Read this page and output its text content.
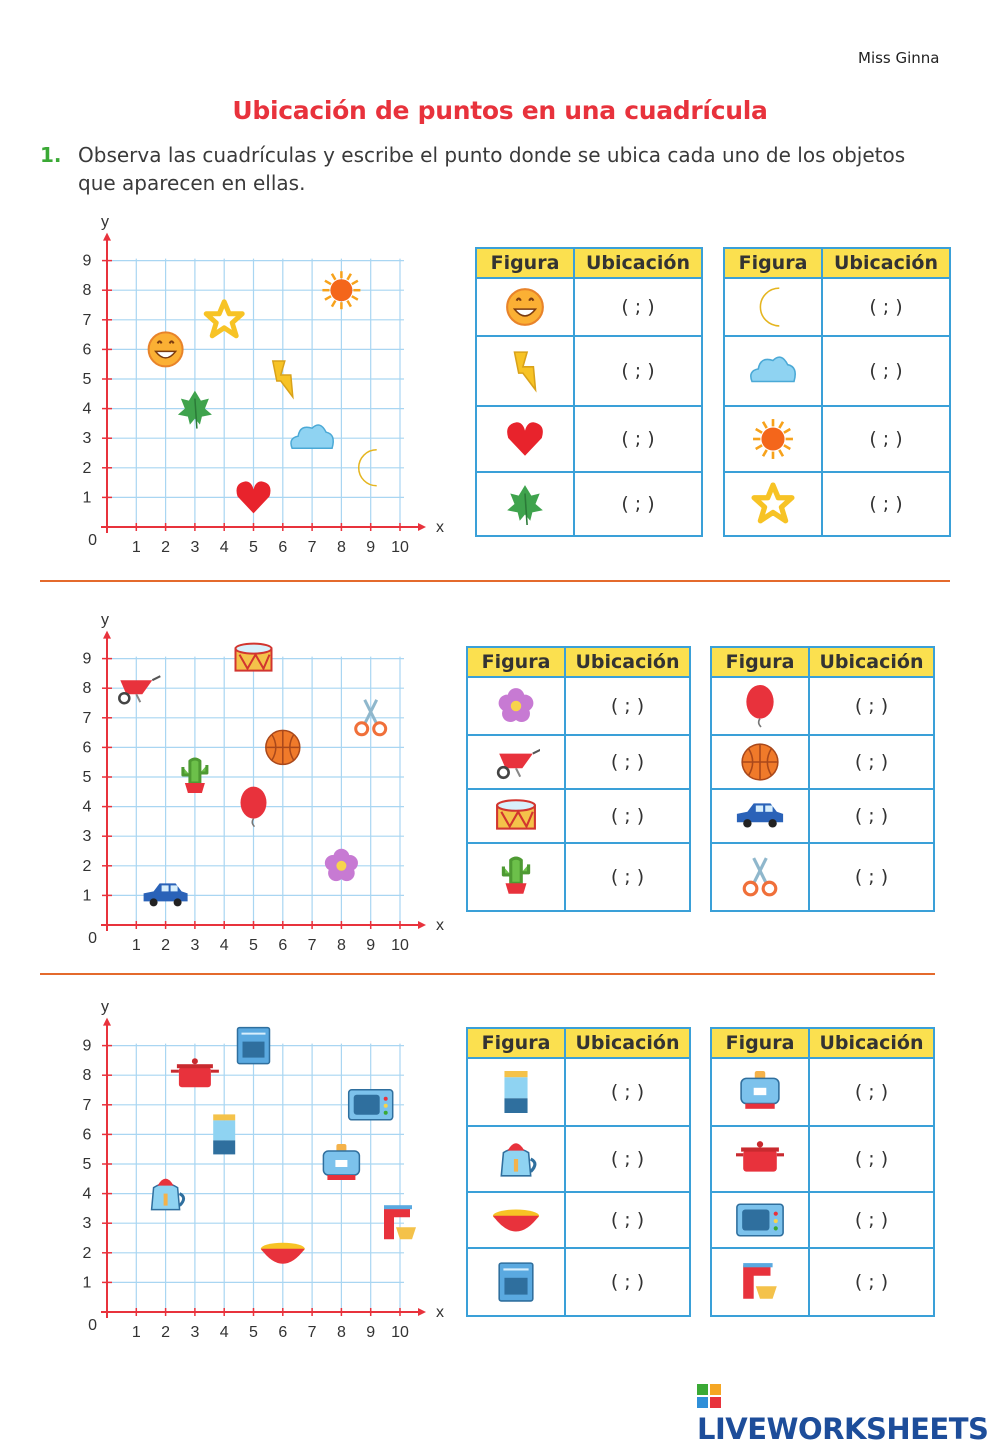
Miss Ginna
Ubicación de puntos en una cuadrícula
1. Observa las cuadrículas y escribe el punto donde se ubica cada uno de los objetos
que aparecen en ellas.
1 2 3 4 5 6 7 8 9 10
1
2
3
4
5
6
7
8
9
0
x
y
1 2 3 4 5 6 7 8 9 10
1
2
3
4
5
6
7
8
9
0
x
y
1 2 3 4 5 6 7 8 9 10
1
2
3
4
5
6
7
8
9
0
x
y
Figura	Ubicación

	( ; )

	( ; )

	( ; )

	( ; )
Figura	Ubicación

	( ; )

	( ; )

	( ; )

	( ; )
Figura	Ubicación

	( ; )

	( ; )

	( ; )

	( ; )
Figura	Ubicación

	( ; )

	( ; )

	( ; )

	( ; )
Figura	Ubicación

	( ; )

	( ; )

	( ; )

	( ; )
Figura	Ubicación

	( ; )

	( ; )

	( ; )

	( ; )
LIVEWORKSHEETS
